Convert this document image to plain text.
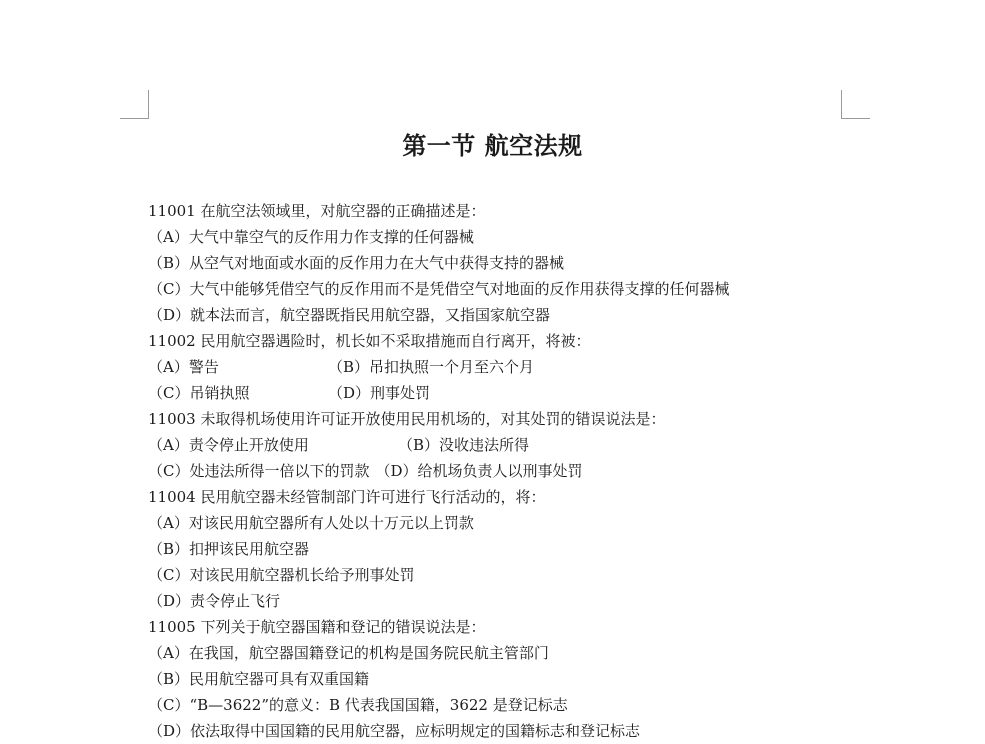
第一节 航空法规
11001 在航空法领域里，对航空器的正确描述是：
（A）大气中靠空气的反作用力作支撑的任何器械
（B）从空气对地面或水面的反作用力在大气中获得支持的器械
（C）大气中能够凭借空气的反作用而不是凭借空气对地面的反作用获得支撑的任何器械
（D）就本法而言，航空器既指民用航空器，又指国家航空器
11002 民用航空器遇险时，机长如不采取措施而自行离开，将被：
（A）警告	（B）吊扣执照一个月至六个月
（C）吊销执照	（D）刑事处罚
11003 未取得机场使用许可证开放使用民用机场的，对其处罚的错误说法是：
（A）责令停止开放使用	（B）没收违法所得
（C）处违法所得一倍以下的罚款 （D）给机场负责人以刑事处罚
11004 民用航空器未经管制部门许可进行飞行活动的，将：
（A）对该民用航空器所有人处以十万元以上罚款
（B）扣押该民用航空器
（C）对该民用航空器机长给予刑事处罚
（D）责令停止飞行
11005 下列关于航空器国籍和登记的错误说法是：
（A）在我国，航空器国籍登记的机构是国务院民航主管部门
（B）民用航空器可具有双重国籍
（C）“B—3622”的意义：B 代表我国国籍，3622 是登记标志
（D）依法取得中国国籍的民用航空器，应标明规定的国籍标志和登记标志
